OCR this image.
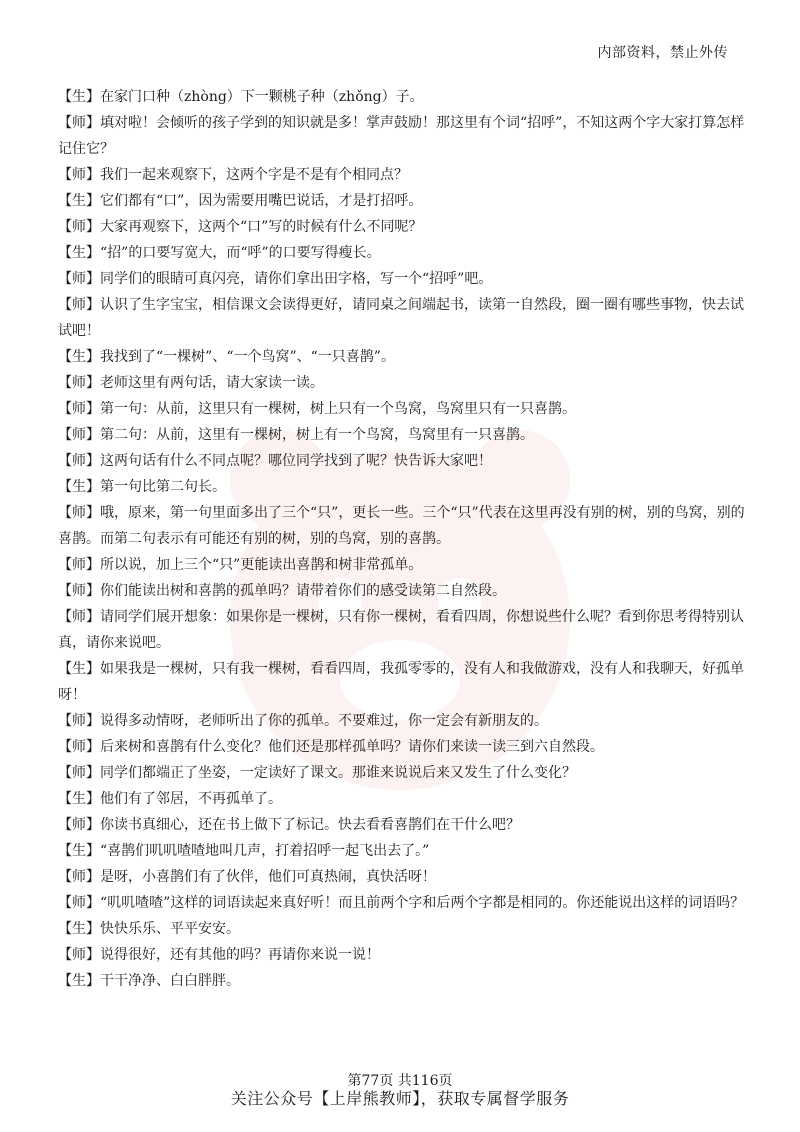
内部资料，禁止外传
【生】在家门口种（zhòng）下一颗桃子种（zhǒng）子。
【师】填对啦！会倾听的孩子学到的知识就是多！掌声鼓励！那这里有个词“招呼”，不知这两个字大家打算怎样记住它？
【师】我们一起来观察下，这两个字是不是有个相同点？
【生】它们都有“口”，因为需要用嘴巴说话，才是打招呼。
【师】大家再观察下，这两个“口”写的时候有什么不同呢？
【生】“招”的口要写宽大，而“呼”的口要写得瘦长。
【师】同学们的眼睛可真闪亮，请你们拿出田字格，写一个“招呼”吧。
【师】认识了生字宝宝，相信课文会读得更好，请同桌之间端起书，读第一自然段，圈一圈有哪些事物，快去试试吧！
【生】我找到了“一棵树”、“一个鸟窝”、“一只喜鹊”。
【师】老师这里有两句话，请大家读一读。
【师】第一句：从前，这里只有一棵树，树上只有一个鸟窝，鸟窝里只有一只喜鹊。
【师】第二句：从前，这里有一棵树，树上有一个鸟窝，鸟窝里有一只喜鹊。
【师】这两句话有什么不同点呢？哪位同学找到了呢？快告诉大家吧！
【生】第一句比第二句长。
【师】哦，原来，第一句里面多出了三个“只”，更长一些。三个“只”代表在这里再没有别的树，别的鸟窝，别的喜鹊。而第二句表示有可能还有别的树，别的鸟窝，别的喜鹊。
【师】所以说，加上三个“只”更能读出喜鹊和树非常孤单。
【师】你们能读出树和喜鹊的孤单吗？请带着你们的感受读第二自然段。
【师】请同学们展开想象：如果你是一棵树，只有你一棵树，看看四周，你想说些什么呢？看到你思考得特别认真，请你来说吧。
【生】如果我是一棵树，只有我一棵树，看看四周，我孤零零的，没有人和我做游戏，没有人和我聊天，好孤单呀！
【师】说得多动情呀，老师听出了你的孤单。不要难过，你一定会有新朋友的。
【师】后来树和喜鹊有什么变化？他们还是那样孤单吗？请你们来读一读三到六自然段。
【师】同学们都端正了坐姿，一定读好了课文。那谁来说说后来又发生了什么变化？
【生】他们有了邻居，不再孤单了。
【师】你读书真细心，还在书上做下了标记。快去看看喜鹊们在干什么吧？
【生】“喜鹊们叽叽喳喳地叫几声，打着招呼一起飞出去了。”
【师】是呀，小喜鹊们有了伙伴，他们可真热闹，真快活呀！
【师】“叽叽喳喳”这样的词语读起来真好听！而且前两个字和后两个字都是相同的。你还能说出这样的词语吗？
【生】快快乐乐、平平安安。
【师】说得很好，还有其他的吗？再请你来说一说！
【生】干干净净、白白胖胖。
第77页 共116页
关注公众号【上岸熊教师】，获取专属督学服务
